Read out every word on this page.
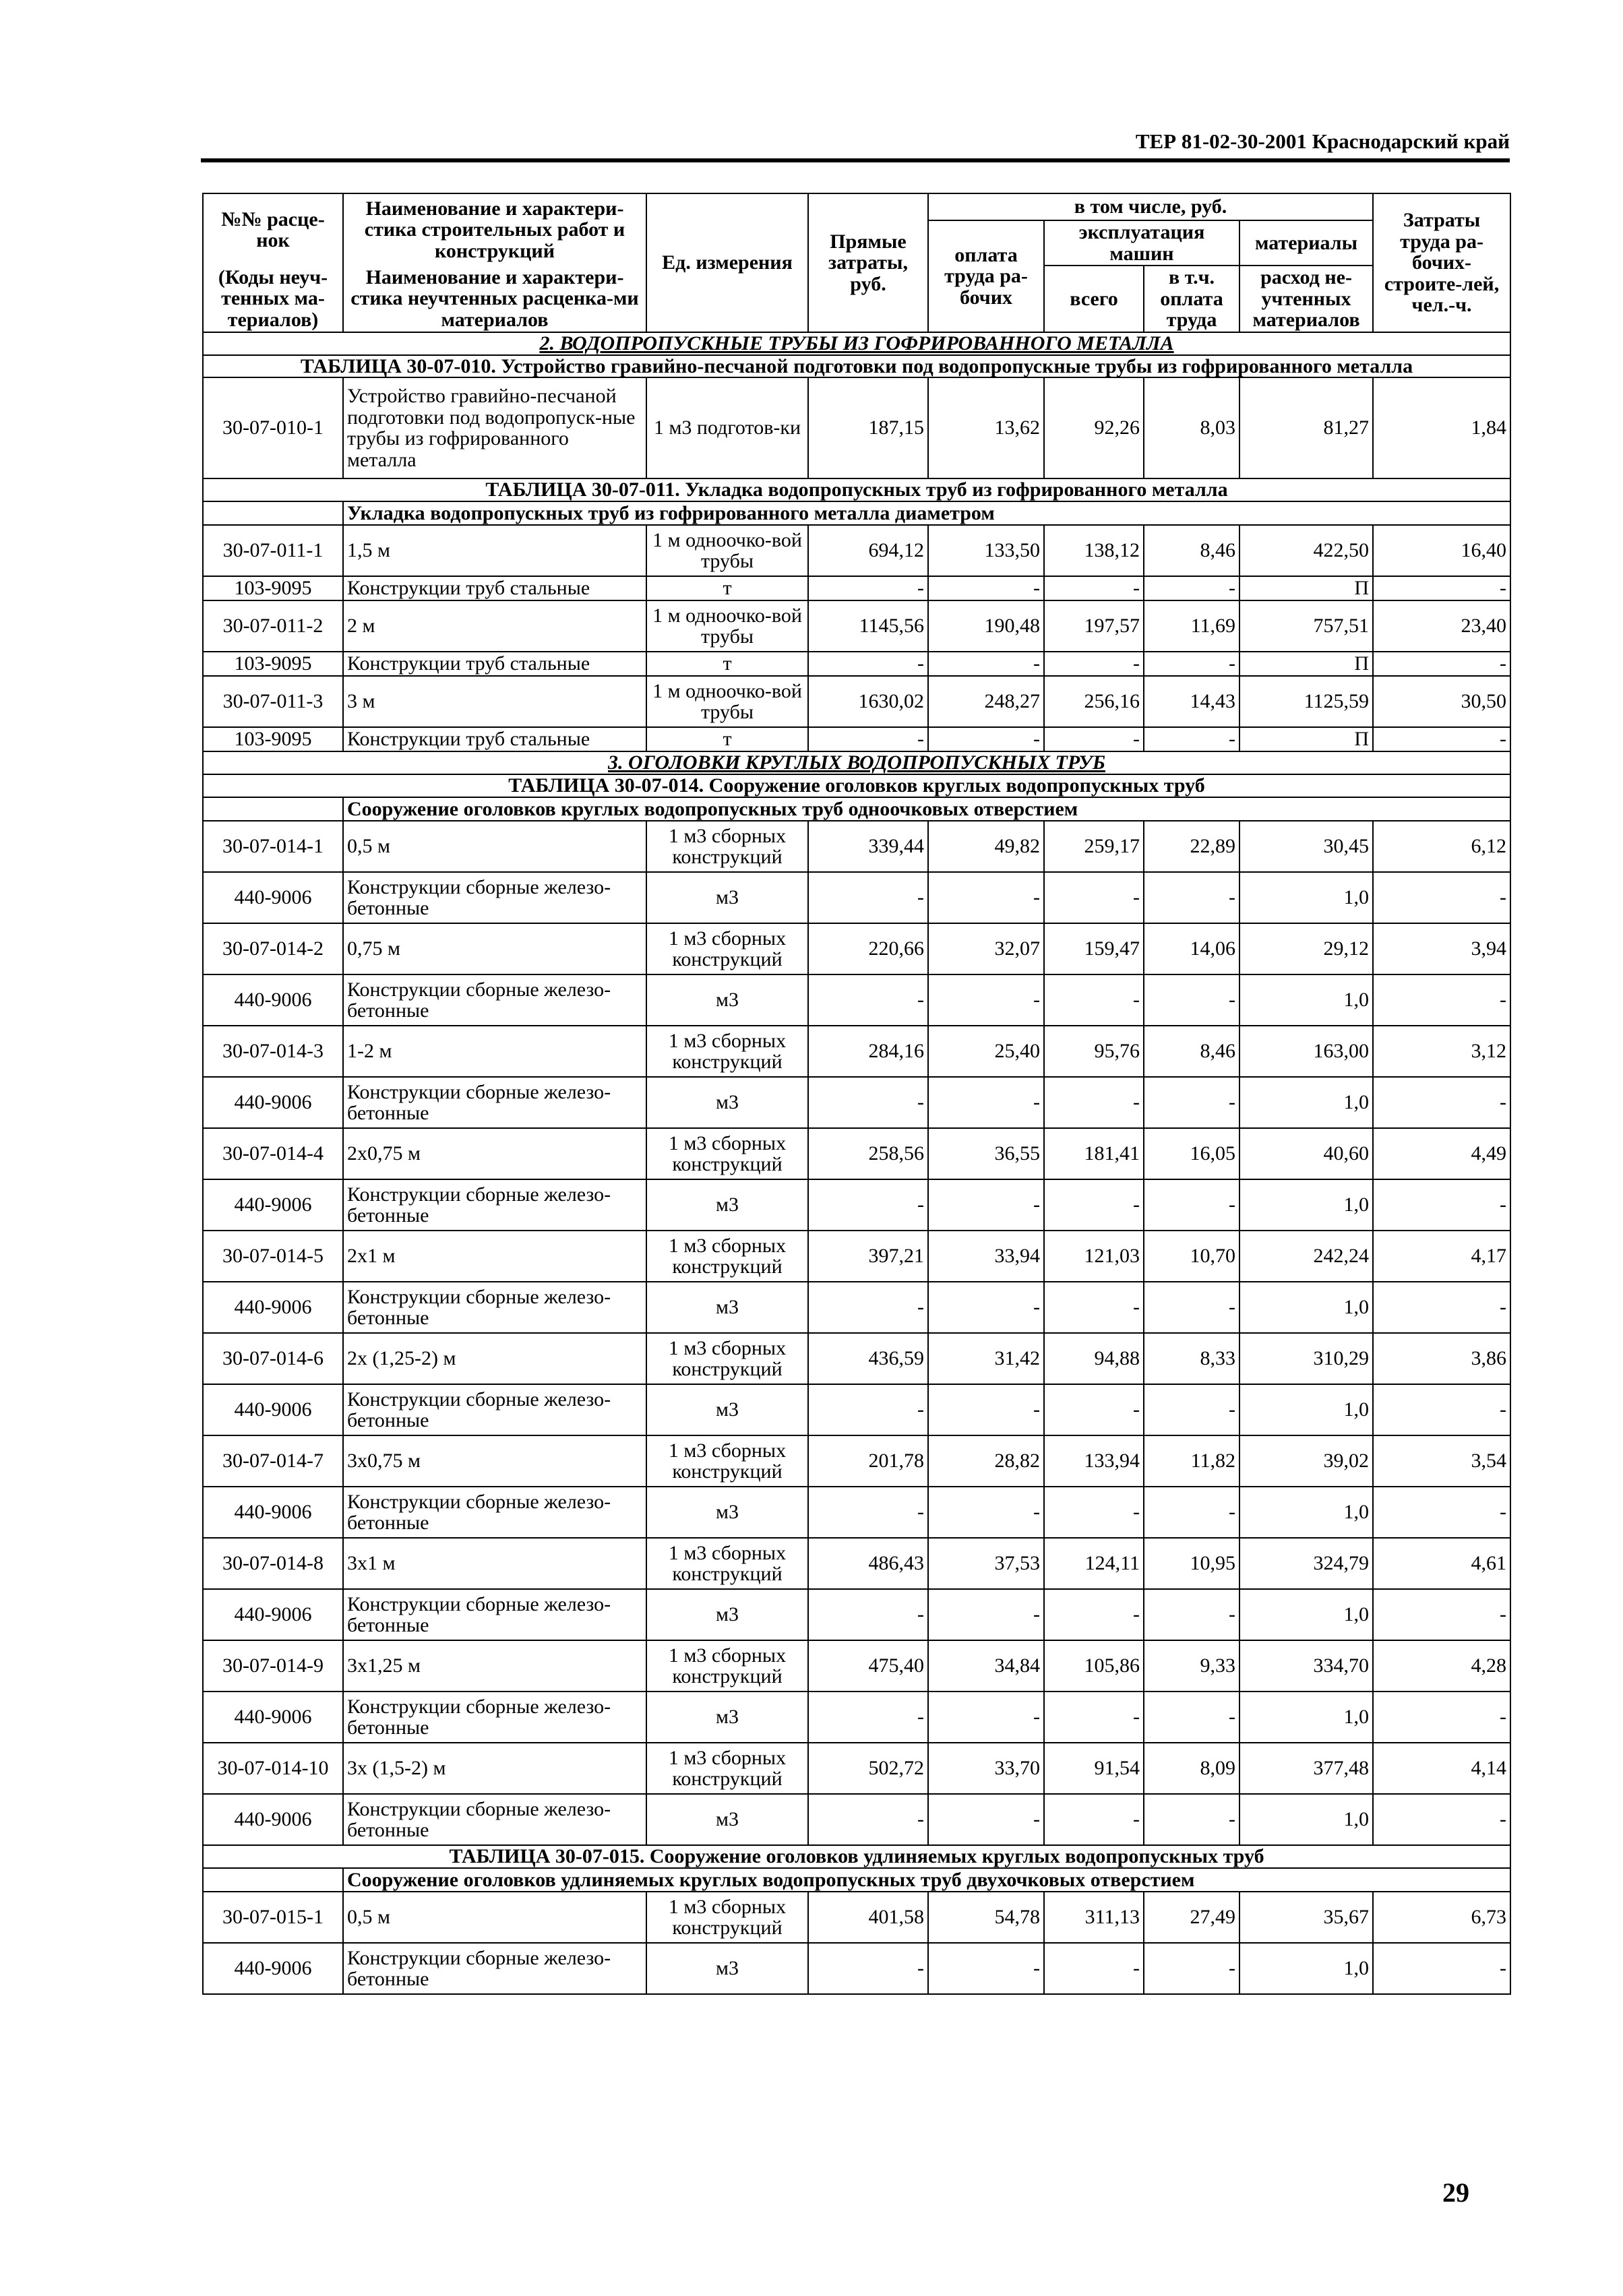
ТЕР 81-02-30-2001 Краснодарский край
№№ расце-нок	Наименование и характери-стика строительных работ и конструкций	Ед. измерения	Прямые затраты, руб.	в том числе, руб.				Затраты труда ра-бочих-строите-лей, чел.-ч.
				оплата труда ра-бочих	эксплуатация машин		материалы	

(Коды неуч-тенных ма-териалов)	Наименование и характери-стика неучтенных расценка-ми материалов				всего	в т.ч. оплата труда	расход не-учтенных материалов	

2. ВОДОПРОПУСКНЫЕ ТРУБЫ ИЗ ГОФРИРОВАННОГО МЕТАЛЛА								
ТАБЛИЦА 30-07-010. Устройство гравийно-песчаной подготовки под водопропускные трубы из гофрированного металла								
30-07-010-1	Устройство гравийно-песчаной подготовки под водопропуск-ные трубы из гофрированного металла	1 м3 подготов-ки	187,15	13,62	92,26	8,03	81,27	1,84
ТАБЛИЦА 30-07-011. Укладка водопропускных труб из гофрированного металла								
	Укладка водопропускных труб из гофрированного металла диаметром							
30-07-011-1	1,5 м	1 м одноочко-вой трубы	694,12	133,50	138,12	8,46	422,50	16,40
103-9095	Конструкции труб стальные	т	-	-	-	-	П	-
30-07-011-2	2 м	1 м одноочко-вой трубы	1145,56	190,48	197,57	11,69	757,51	23,40
103-9095	Конструкции труб стальные	т	-	-	-	-	П	-
30-07-011-3	3 м	1 м одноочко-вой трубы	1630,02	248,27	256,16	14,43	1125,59	30,50
103-9095	Конструкции труб стальные	т	-	-	-	-	П	-
3. ОГОЛОВКИ КРУГЛЫХ ВОДОПРОПУСКНЫХ ТРУБ								
ТАБЛИЦА 30-07-014. Сооружение оголовков круглых водопропускных труб								
	Сооружение оголовков круглых водопропускных труб одноочковых отверстием							
30-07-014-1	0,5 м	1 м3 сборных конструкций	339,44	49,82	259,17	22,89	30,45	6,12
440-9006	Конструкции сборные железо-бетонные	м3	-	-	-	-	1,0	-
30-07-014-2	0,75 м	1 м3 сборных конструкций	220,66	32,07	159,47	14,06	29,12	3,94
440-9006	Конструкции сборные железо-бетонные	м3	-	-	-	-	1,0	-
30-07-014-3	1-2 м	1 м3 сборных конструкций	284,16	25,40	95,76	8,46	163,00	3,12
440-9006	Конструкции сборные железо-бетонные	м3	-	-	-	-	1,0	-
30-07-014-4	2х0,75 м	1 м3 сборных конструкций	258,56	36,55	181,41	16,05	40,60	4,49
440-9006	Конструкции сборные железо-бетонные	м3	-	-	-	-	1,0	-
30-07-014-5	2х1 м	1 м3 сборных конструкций	397,21	33,94	121,03	10,70	242,24	4,17
440-9006	Конструкции сборные железо-бетонные	м3	-	-	-	-	1,0	-
30-07-014-6	2х (1,25-2) м	1 м3 сборных конструкций	436,59	31,42	94,88	8,33	310,29	3,86
440-9006	Конструкции сборные железо-бетонные	м3	-	-	-	-	1,0	-
30-07-014-7	3х0,75 м	1 м3 сборных конструкций	201,78	28,82	133,94	11,82	39,02	3,54
440-9006	Конструкции сборные железо-бетонные	м3	-	-	-	-	1,0	-
30-07-014-8	3х1 м	1 м3 сборных конструкций	486,43	37,53	124,11	10,95	324,79	4,61
440-9006	Конструкции сборные железо-бетонные	м3	-	-	-	-	1,0	-
30-07-014-9	3х1,25 м	1 м3 сборных конструкций	475,40	34,84	105,86	9,33	334,70	4,28
440-9006	Конструкции сборные железо-бетонные	м3	-	-	-	-	1,0	-
30-07-014-10	3х (1,5-2) м	1 м3 сборных конструкций	502,72	33,70	91,54	8,09	377,48	4,14
440-9006	Конструкции сборные железо-бетонные	м3	-	-	-	-	1,0	-
ТАБЛИЦА 30-07-015. Сооружение оголовков удлиняемых круглых водопропускных труб								
	Сооружение оголовков удлиняемых круглых водопропускных труб двухочковых отверстием							
30-07-015-1	0,5 м	1 м3 сборных конструкций	401,58	54,78	311,13	27,49	35,67	6,73
440-9006	Конструкции сборные железо-бетонные	м3	-	-	-	-	1,0	-
29
